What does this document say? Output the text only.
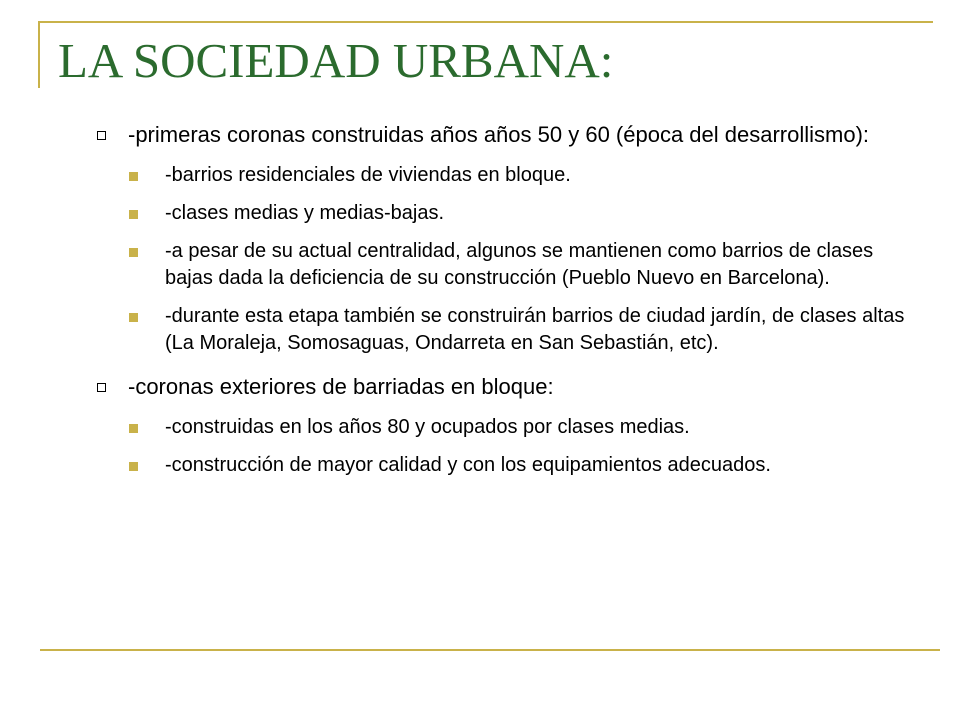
LA SOCIEDAD URBANA:
-primeras coronas construidas años años 50 y 60 (época del desarrollismo):
-barrios residenciales de viviendas en bloque.
-clases medias y medias-bajas.
-a pesar de su actual centralidad, algunos se mantienen como barrios de clases bajas dada la deficiencia de su construcción (Pueblo Nuevo en Barcelona).
-durante esta etapa también se construirán barrios de ciudad jardín, de clases altas (La Moraleja, Somosaguas, Ondarreta en San Sebastián, etc).
-coronas exteriores de barriadas en bloque:
-construidas en los años 80 y ocupados por clases medias.
-construcción de mayor calidad y con los equipamientos adecuados.
